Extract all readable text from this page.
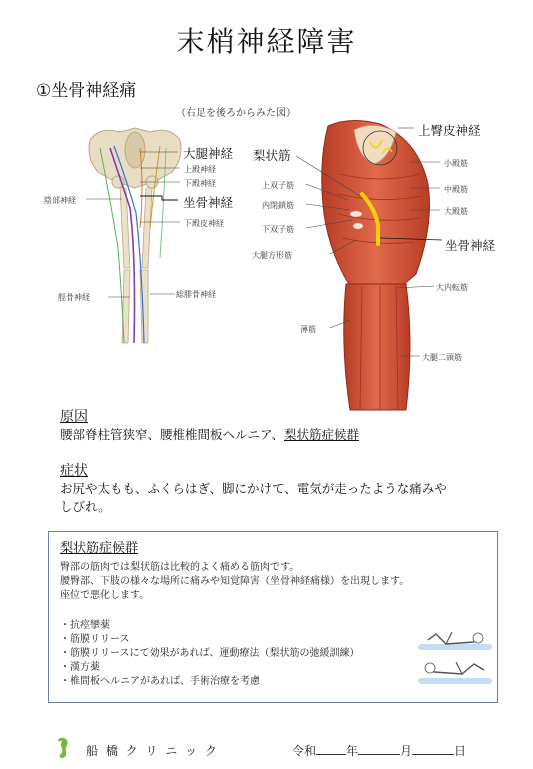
末梢神経障害
①坐骨神経痛
（右足を後ろからみた図）
大腿神経
上殿神経
下殿神経
陰部神経	坐骨神経
下殿皮神経
脛骨神経	総腓骨神経
梨状筋
上臀皮神経
小殿筋
上双子筋	中殿筋
内閉鎖筋
大殿筋
下双子筋
坐骨神経
大腿方形筋
大内転筋
薄筋
大腿二頭筋
原因
腰部脊柱管狭窄、腰椎椎間板ヘルニア、梨状筋症候群
症状
お尻や太もも、ふくらはぎ、脚にかけて、電気が走ったような痛みや
しびれ。
梨状筋症候群
臀部の筋肉では梨状筋は比較的よく痛める筋肉です。
腰臀部、下肢の様々な場所に痛みや知覚障害（坐骨神経痛様）を出現します。
座位で悪化します。
・抗痙攣薬
・筋膜リリース
・筋膜リリースにて効果があれば、運動療法（梨状筋の弛緩訓練）
・漢方薬
・椎間板ヘルニアがあれば、手術治療を考慮
船 橋 ク リ ニ ッ ク	令和	年	月	日
